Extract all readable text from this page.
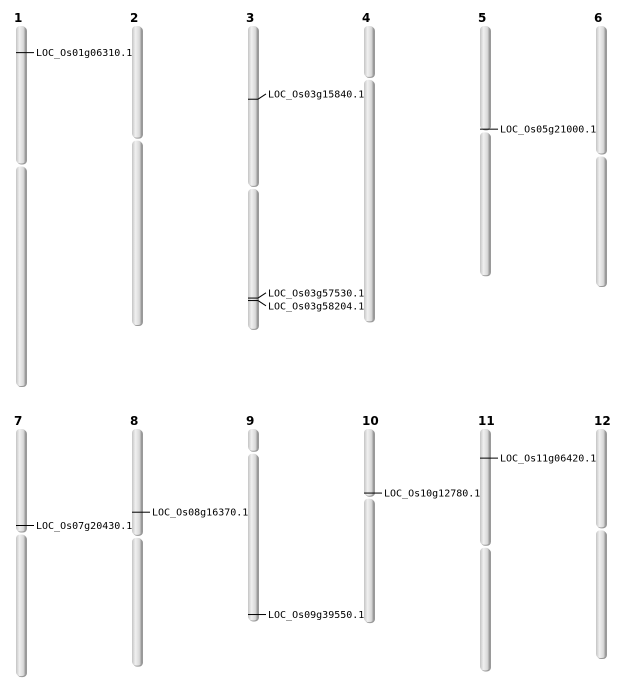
1
LOC_Os01g06310.1
2	3
LOC_Os03g15840.1
LOC_Os03g57530.1
LOC_Os03g58204.1
4	5
LOC_Os05g21000.1
6
7
LOC_Os07g20430.1
8
LOC_Os08g16370.1
9
LOC_Os09g39550.1
10
LOC_Os10g12780.1
11
LOC_Os11g06420.1
12
